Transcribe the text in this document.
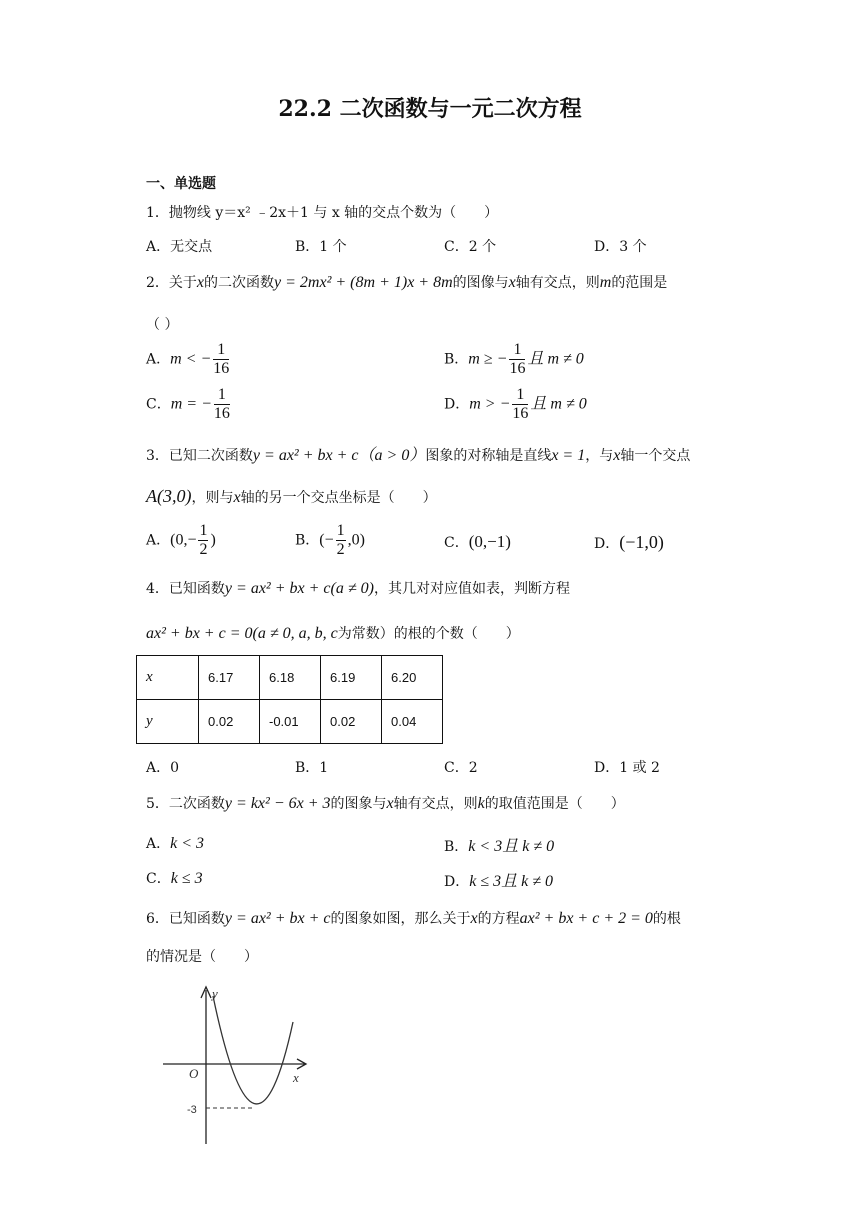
22.2 二次函数与一元二次方程
一、单选题
1．抛物线 y＝x² ﹣2x＋1 与 x 轴的交点个数为（　　）
A．无交点	B．1 个	C．2 个	D．3 个
2．关于x的二次函数y = 2mx² + (8m + 1)x + 8m的图像与x轴有交点，则m的范围是
（ ）
A．m < − $\frac{1}{16}$	B．m ≥ − $\frac{1}{16}$ 且 m ≠ 0
C．m = − $\frac{1}{16}$	D．m > − $\frac{1}{16}$ 且 m ≠ 0
3．已知二次函数y = ax² + bx + c（a > 0）图象的对称轴是直线x = 1，与x轴一个交点
A(3,0)，则与x轴的另一个交点坐标是（　　）
A．($0,- \frac{1}{2}$ )	B．(− $\frac{1}{2} ,0$)	C．(0,−1)	D．(−1,0)
4．已知函数y = ax² + bx + c(a ≠ 0)，其几对对应值如表，判断方程
ax² + bx + c = 0(a ≠ 0, a, b, c为常数）的根的个数（　　）
x	6.17	6.18	6.19	6.20
y	0.02	-0.01	0.02	0.04
A．0	B．1	C．2	D．1 或 2
5．二次函数y = kx² − 6x + 3的图象与x轴有交点，则k的取值范围是（　　）
A．k < 3	B．k < 3且 k ≠ 0
C．k ≤ 3	D．k ≤ 3且 k ≠ 0
6．已知函数y = ax² + bx + c的图象如图，那么关于x的方程ax² + bx + c + 2 = 0的根
的情况是（　　）
y
x
O
-3
